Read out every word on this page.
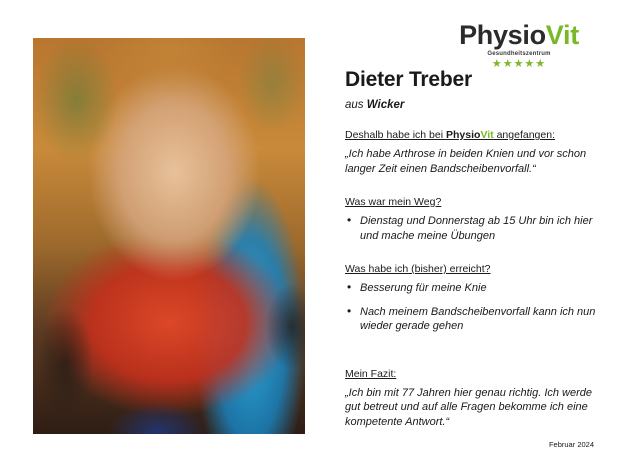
PhysioVit
Gesundheitszentrum
★★★★★
Dieter Treber
aus Wicker
Deshalb habe ich bei PhysioVit angefangen:

„Ich habe Arthrose in beiden Knien und vor schon langer Zeit einen Bandscheibenvorfall.“

Was war mein Weg?
• Dienstag und Donnerstag ab 15 Uhr bin ich hier und mache meine Übungen
Was habe ich (bisher) erreicht?
• Besserung für meine Knie
• Nach meinem Bandscheibenvorfall kann ich nun wieder gerade gehen
Mein Fazit:

„Ich bin mit 77 Jahren hier genau richtig. Ich werde gut betreut und auf alle Fragen bekomme ich eine kompetente Antwort.“

Februar 2024
